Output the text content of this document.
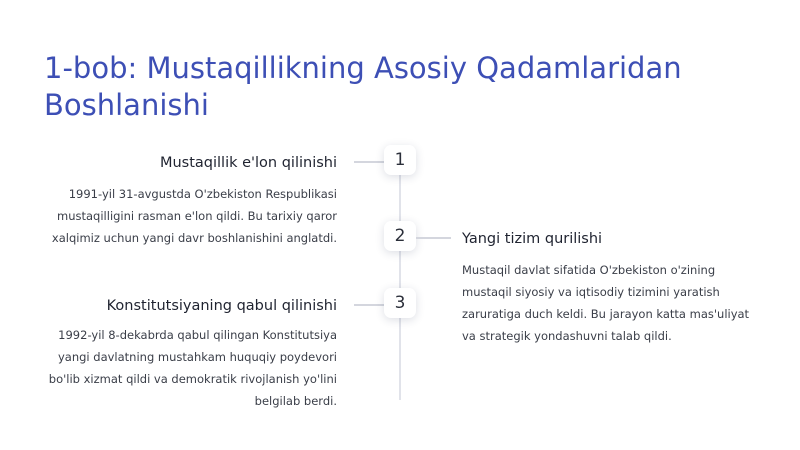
1-bob: Mustaqillikning Asosiy Qadamlaridan Boshlanishi
1
Mustaqillik e'lon qilinishi
1991-yil 31-avgustda O'zbekiston Respublikasi mustaqilligini rasman e'lon qildi. Bu tarixiy qaror xalqimiz uchun yangi davr boshlanishini anglatdi.	2	Yangi tizim qurilishi
Mustaqil davlat sifatida O'zbekiston o'zining mustaqil siyosiy va iqtisodiy tizimini yaratish zaruratiga duch keldi. Bu jarayon katta mas'uliyat va strategik yondashuvni talab qildi.
3
Konstitutsiyaning qabul qilinishi
1992-yil 8-dekabrda qabul qilingan Konstitutsiya yangi davlatning mustahkam huquqiy poydevori bo'lib xizmat qildi va demokratik rivojlanish yo'lini belgilab berdi.
